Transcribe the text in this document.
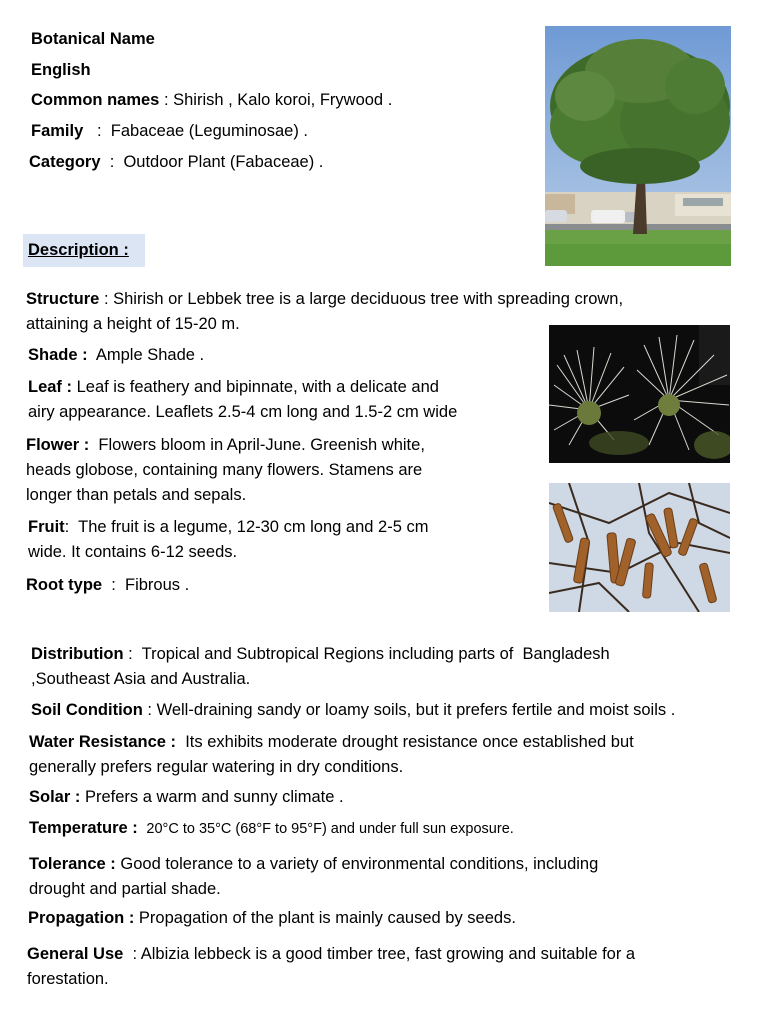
Botanical Name
English
Common names : Shirish , Kalo koroi, Frywood .
Family   :  Fabaceae (Leguminosae) .
Category  :  Outdoor Plant (Fabaceae) .
Description :
Structure : Shirish or Lebbek tree is a large deciduous tree with spreading crown,
attaining a height of 15-20 m.
Shade :  Ample Shade .
Leaf : Leaf is feathery and bipinnate, with a delicate and
airy appearance. Leaflets 2.5-4 cm long and 1.5-2 cm wide
Flower :  Flowers bloom in April-June. Greenish white,
heads globose, containing many flowers. Stamens are
longer than petals and sepals.
Fruit:  The fruit is a legume, 12-30 cm long and 2-5 cm
wide. It contains 6-12 seeds.
Root type  :  Fibrous .
Distribution :  Tropical and Subtropical Regions including parts of  Bangladesh
,Southeast Asia and Australia.
Soil Condition : Well-draining sandy or loamy soils, but it prefers fertile and moist soils .
Water Resistance :  Its exhibits moderate drought resistance once established but
generally prefers regular watering in dry conditions.
Solar : Prefers a warm and sunny climate .
Temperature :  20°C to 35°C (68°F to 95°F) and under full sun exposure.
Tolerance : Good tolerance to a variety of environmental conditions, including
drought and partial shade.
Propagation : Propagation of the plant is mainly caused by seeds.
General Use  : Albizia lebbeck is a good timber tree, fast growing and suitable for a
forestation.
